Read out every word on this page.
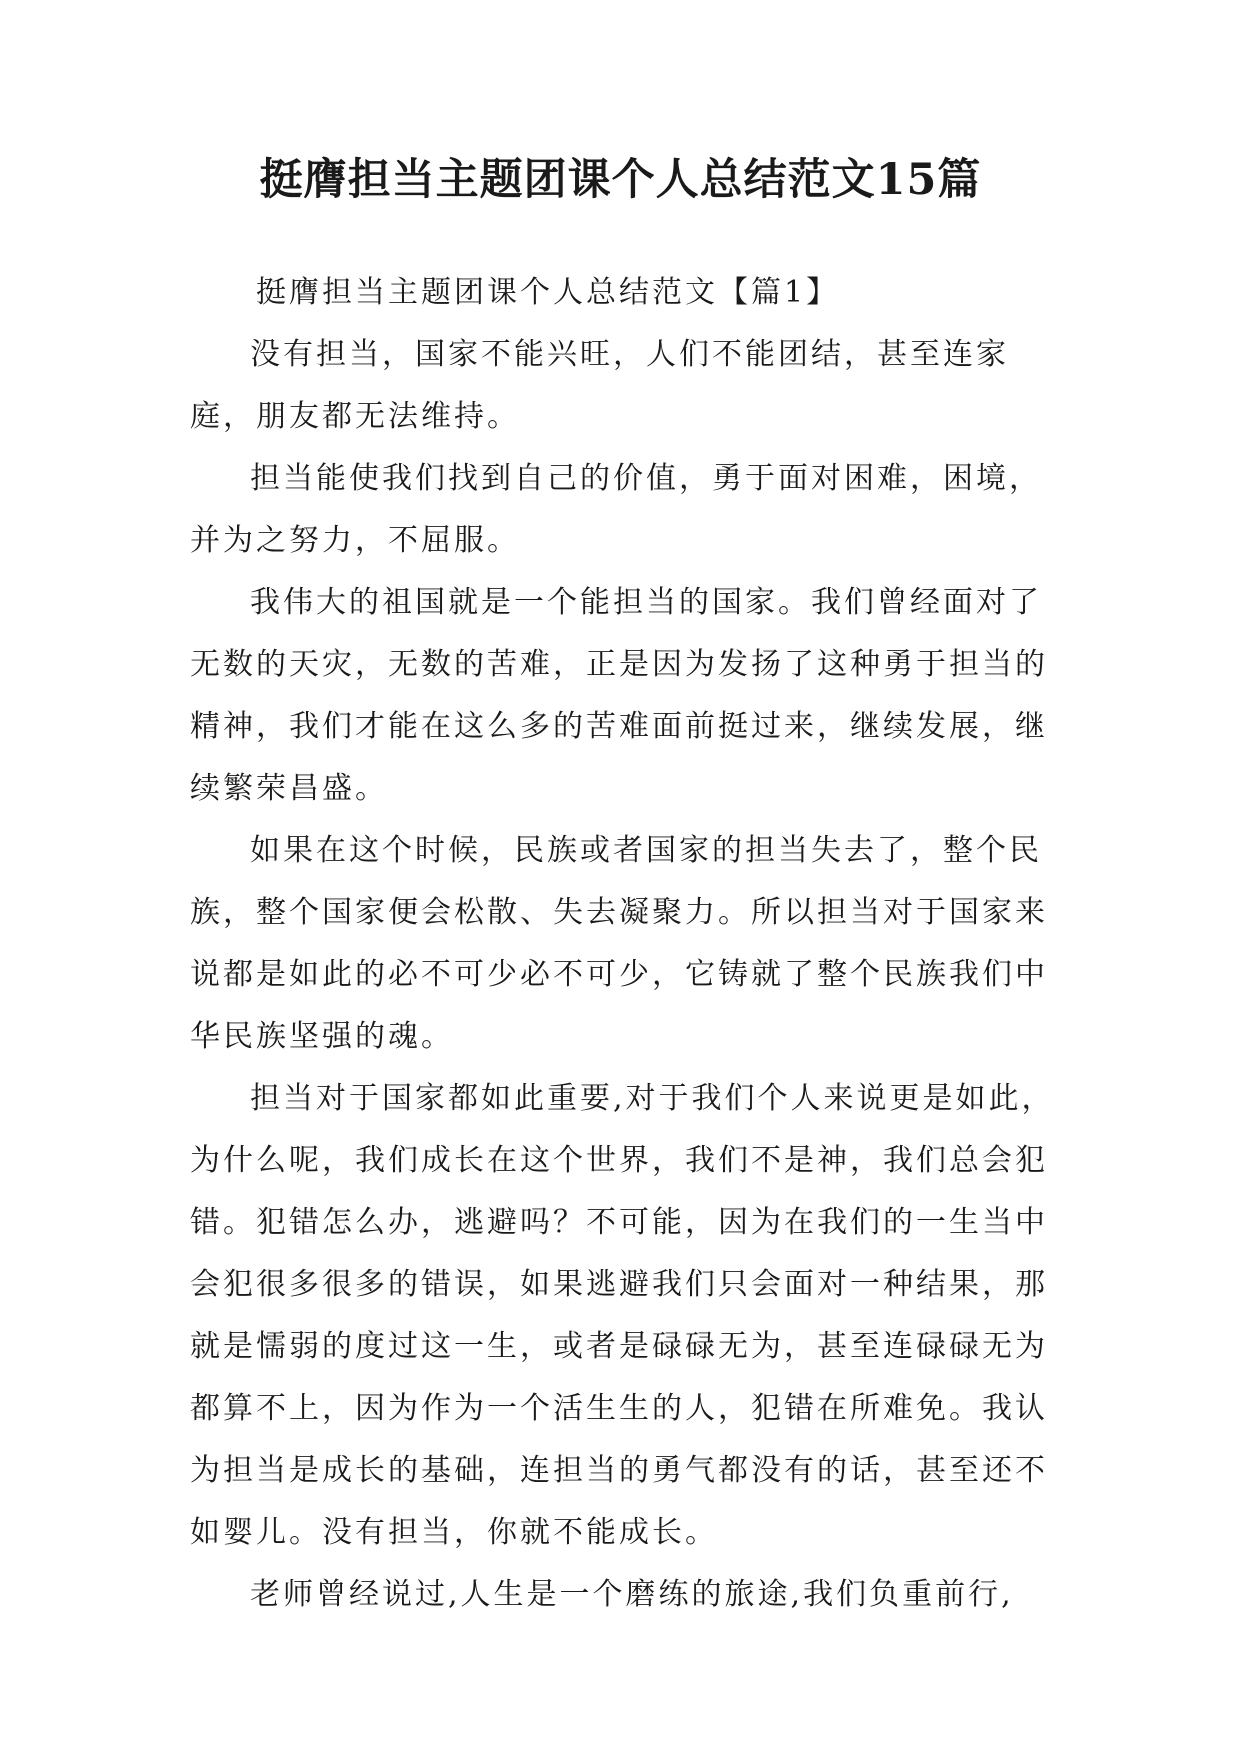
挺膺担当主题团课个人总结范文15篇

挺膺担当主题团课个人总结范文【篇1】

没有担当，国家不能兴旺，人们不能团结，甚至连家庭，朋友都无法维持。

担当能使我们找到自己的价值，勇于面对困难，困境，并为之努力，不屈服。

我伟大的祖国就是一个能担当的国家。我们曾经面对了无数的天灾，无数的苦难，正是因为发扬了这种勇于担当的精神，我们才能在这么多的苦难面前挺过来，继续发展，继续繁荣昌盛。

如果在这个时候，民族或者国家的担当失去了，整个民族，整个国家便会松散、失去凝聚力。所以担当对于国家来说都是如此的必不可少必不可少，它铸就了整个民族我们中华民族坚强的魂。

担当对于国家都如此重要,对于我们个人来说更是如此，为什么呢，我们成长在这个世界，我们不是神，我们总会犯错。犯错怎么办，逃避吗？不可能，因为在我们的一生当中会犯很多很多的错误，如果逃避我们只会面对一种结果，那就是懦弱的度过这一生，或者是碌碌无为，甚至连碌碌无为都算不上，因为作为一个活生生的人，犯错在所难免。我认为担当是成长的基础，连担当的勇气都没有的话，甚至还不如婴儿。没有担当，你就不能成长。

老师曾经说过,人生是一个磨练的旅途,我们负重前行,
